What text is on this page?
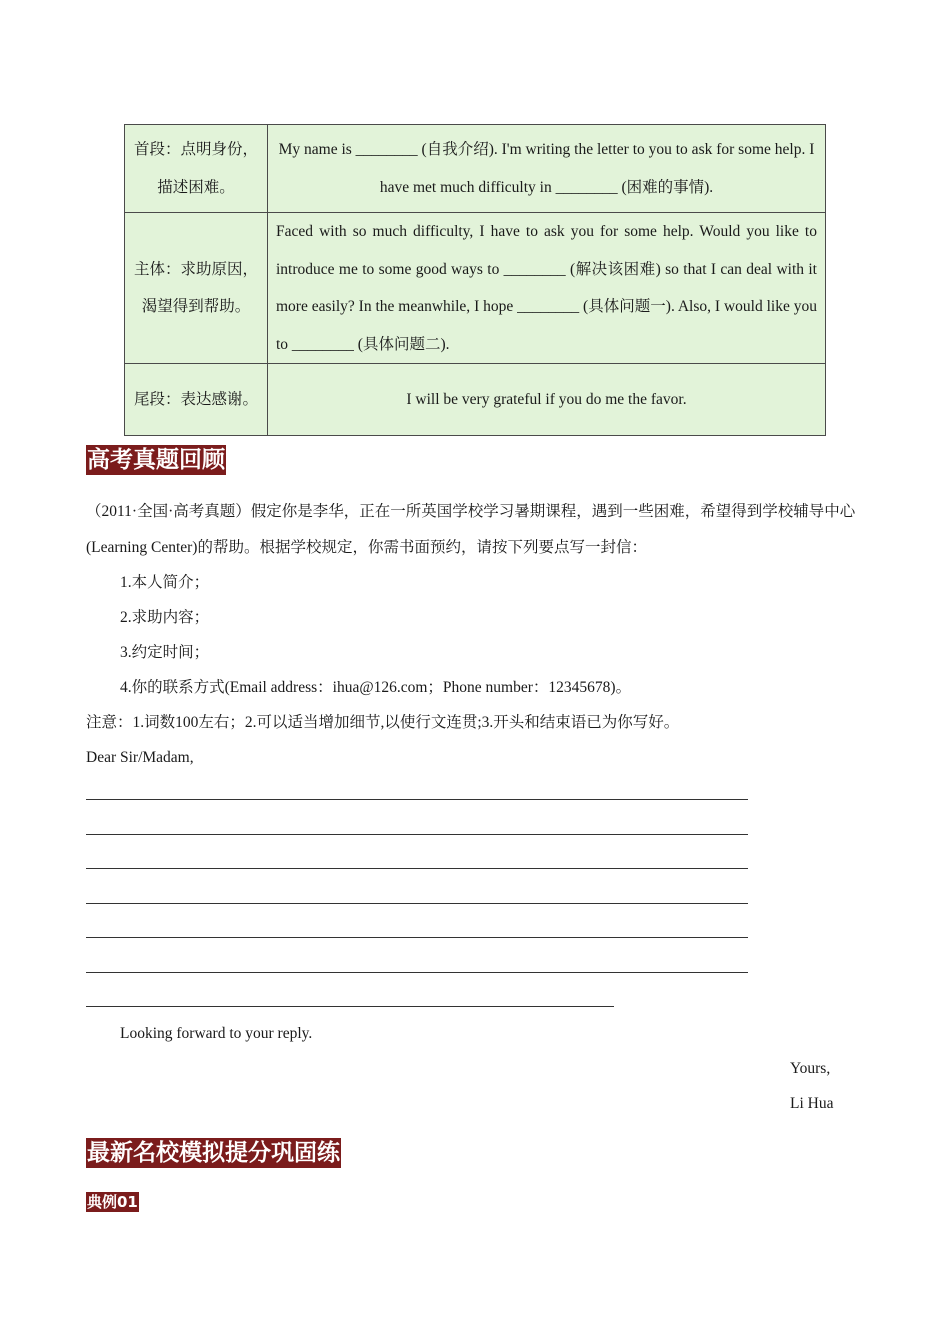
首段：点明身份，描述困难。	My name is ________ (自我介绍). I'm writing the letter to you to ask for some help. I have met much difficulty in ________ (困难的事情).
主体：求助原因，渴望得到帮助。	Faced with so much difficulty, I have to ask you for some help. Would you like to introduce me to some good ways to ________ (解决该困难) so that I can deal with it more easily? In the meanwhile, I hope ________ (具体问题一). Also, I would like you to ________ (具体问题二).
尾段：表达感谢。	I will be very grateful if you do me the favor.
高考真题回顾

（2011·全国·高考真题）假定你是李华，正在一所英国学校学习暑期课程，遇到一些困难，希望得到学校辅导中心(Learning Center)的帮助。根据学校规定，你需书面预约，请按下列要点写一封信：

1.本人简介；
2.求助内容；
3.约定时间；
4.你的联系方式(Email address：ihua@126.com；Phone number：12345678)。
注意：1.词数100左右；2.可以适当增加细节,以使行文连贯;3.开头和结束语已为你写好。
Dear Sir/Madam,
Looking forward to your reply.
Yours,
Li Hua
最新名校模拟提分巩固练
典例01
